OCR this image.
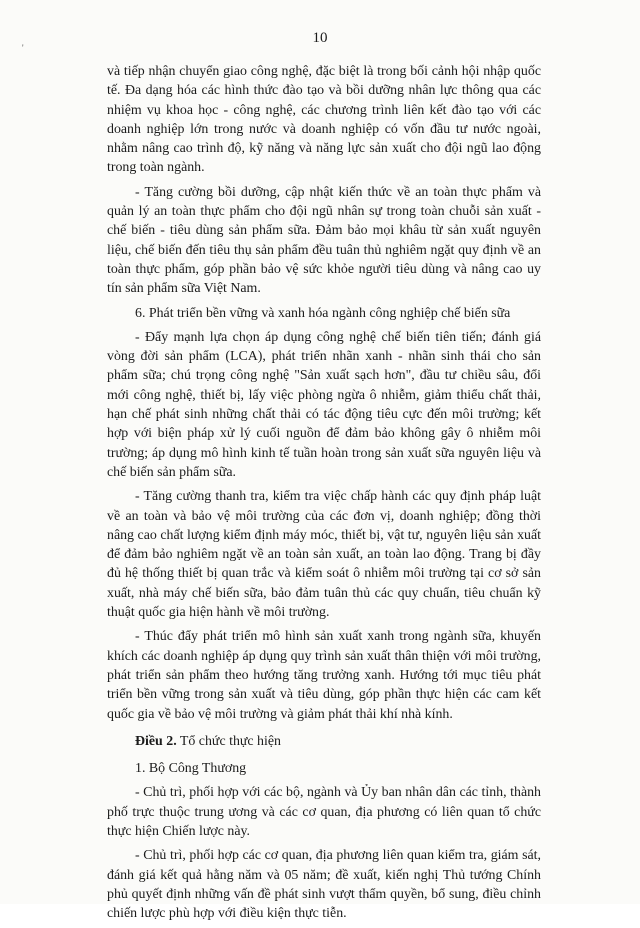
'
10

và tiếp nhận chuyển giao công nghệ, đặc biệt là trong bối cảnh hội nhập quốc tế. Đa dạng hóa các hình thức đào tạo và bồi dưỡng nhân lực thông qua các nhiệm vụ khoa học - công nghệ, các chương trình liên kết đào tạo với các doanh nghiệp lớn trong nước và doanh nghiệp có vốn đầu tư nước ngoài, nhằm nâng cao trình độ, kỹ năng và năng lực sản xuất cho đội ngũ lao động trong toàn ngành.

- Tăng cường bồi dưỡng, cập nhật kiến thức về an toàn thực phẩm và quản lý an toàn thực phẩm cho đội ngũ nhân sự trong toàn chuỗi sản xuất - chế biến - tiêu dùng sản phẩm sữa. Đảm bảo mọi khâu từ sản xuất nguyên liệu, chế biến đến tiêu thụ sản phẩm đều tuân thủ nghiêm ngặt quy định về an toàn thực phẩm, góp phần bảo vệ sức khỏe người tiêu dùng và nâng cao uy tín sản phẩm sữa Việt Nam.

6. Phát triển bền vững và xanh hóa ngành công nghiệp chế biến sữa

- Đẩy mạnh lựa chọn áp dụng công nghệ chế biến tiên tiến; đánh giá vòng đời sản phẩm (LCA), phát triển nhãn xanh - nhãn sinh thái cho sản phẩm sữa; chú trọng công nghệ "Sản xuất sạch hơn", đầu tư chiều sâu, đổi mới công nghệ, thiết bị, lấy việc phòng ngừa ô nhiễm, giảm thiểu chất thải, hạn chế phát sinh những chất thải có tác động tiêu cực đến môi trường; kết hợp với biện pháp xử lý cuối nguồn để đảm bảo không gây ô nhiễm môi trường; áp dụng mô hình kinh tế tuần hoàn trong sản xuất sữa nguyên liệu và chế biến sản phẩm sữa.

- Tăng cường thanh tra, kiểm tra việc chấp hành các quy định pháp luật về an toàn và bảo vệ môi trường của các đơn vị, doanh nghiệp; đồng thời nâng cao chất lượng kiểm định máy móc, thiết bị, vật tư, nguyên liệu sản xuất để đảm bảo nghiêm ngặt về an toàn sản xuất, an toàn lao động. Trang bị đầy đủ hệ thống thiết bị quan trắc và kiểm soát ô nhiễm môi trường tại cơ sở sản xuất, nhà máy chế biến sữa, bảo đảm tuân thủ các quy chuẩn, tiêu chuẩn kỹ thuật quốc gia hiện hành về môi trường.

- Thúc đẩy phát triển mô hình sản xuất xanh trong ngành sữa, khuyến khích các doanh nghiệp áp dụng quy trình sản xuất thân thiện với môi trường, phát triển sản phẩm theo hướng tăng trưởng xanh. Hướng tới mục tiêu phát triển bền vững trong sản xuất và tiêu dùng, góp phần thực hiện các cam kết quốc gia về bảo vệ môi trường và giảm phát thải khí nhà kính.

Điều 2. Tổ chức thực hiện

1. Bộ Công Thương

- Chủ trì, phối hợp với các bộ, ngành và Ủy ban nhân dân các tỉnh, thành phố trực thuộc trung ương và các cơ quan, địa phương có liên quan tổ chức thực hiện Chiến lược này.

- Chủ trì, phối hợp các cơ quan, địa phương liên quan kiểm tra, giám sát, đánh giá kết quả hằng năm và 05 năm; đề xuất, kiến nghị Thủ tướng Chính phủ quyết định những vấn đề phát sinh vượt thẩm quyền, bổ sung, điều chỉnh chiến lược phù hợp với điều kiện thực tiễn.
